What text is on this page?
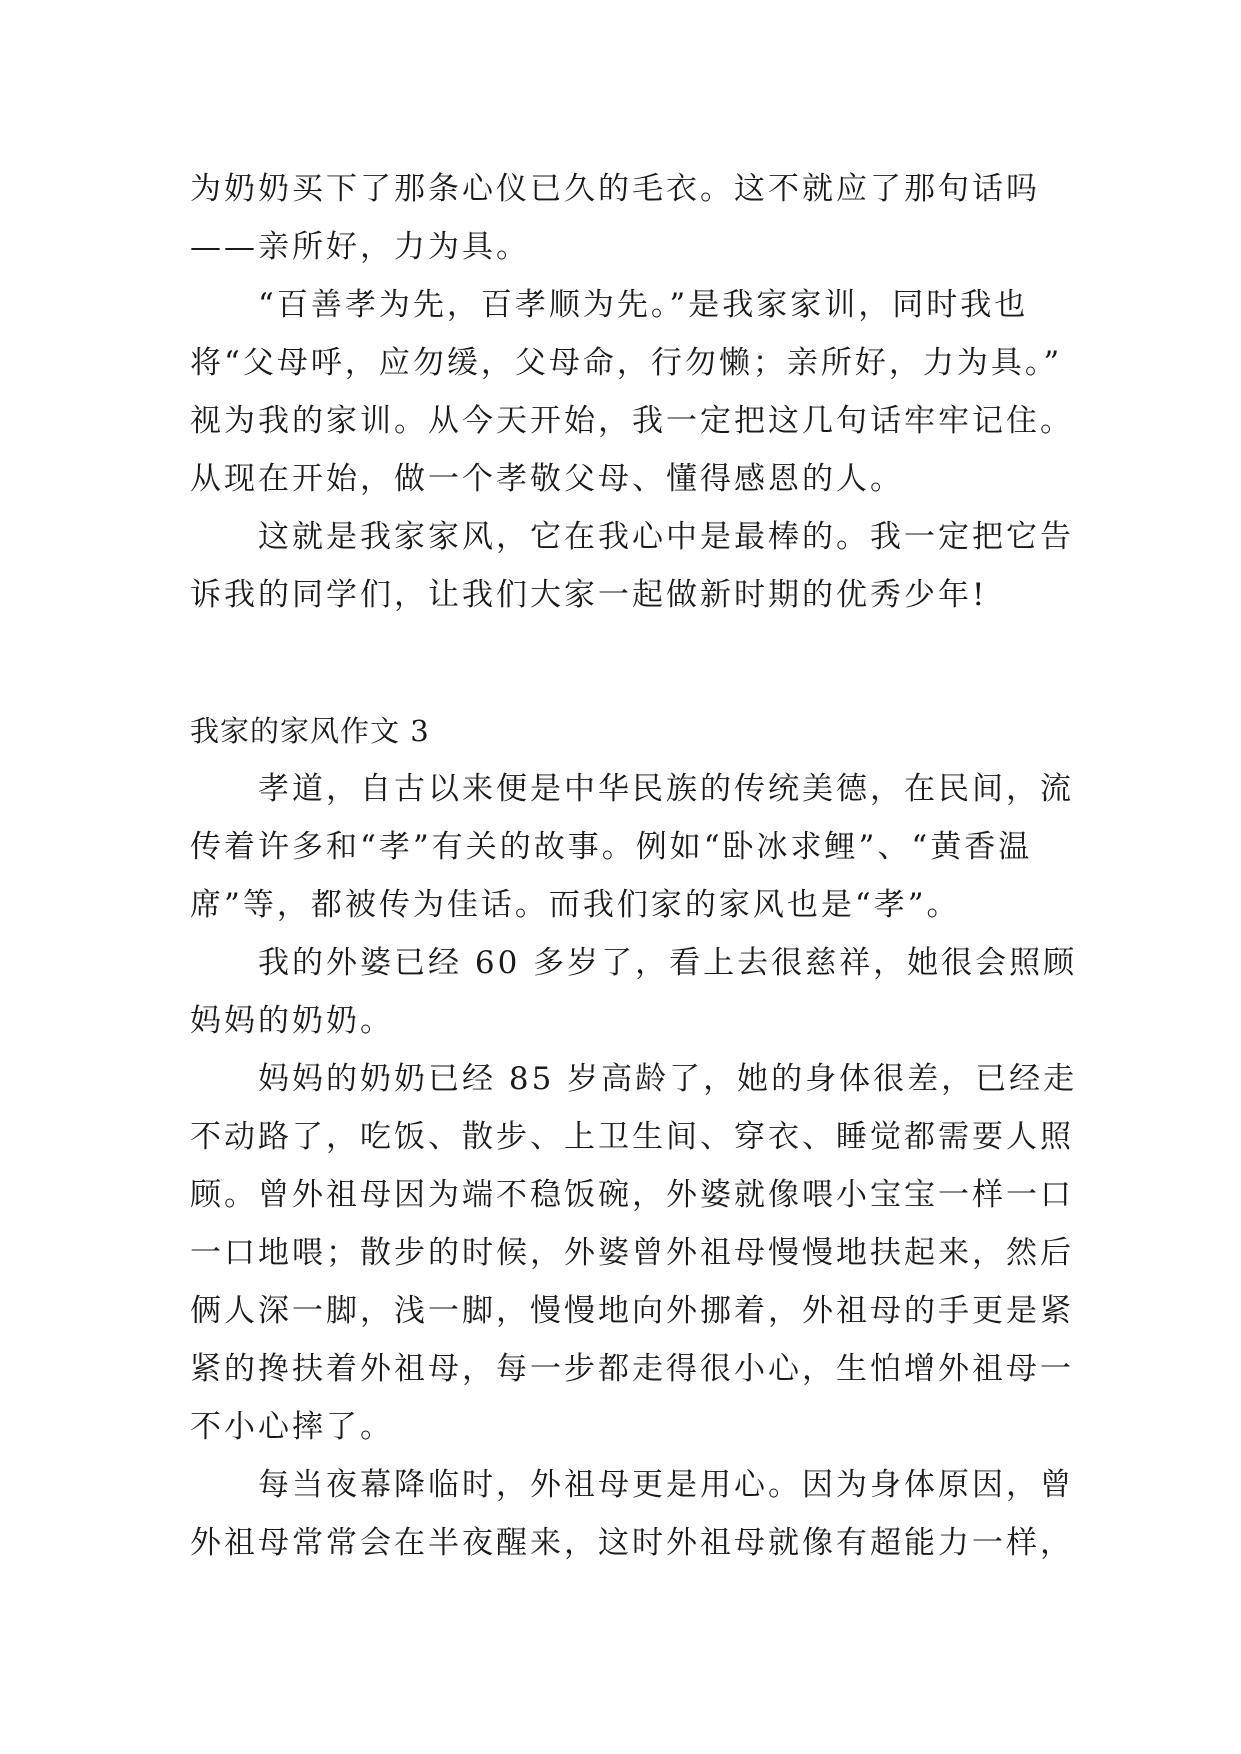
为奶奶买下了那条心仪已久的毛衣。这不就应了那句话吗
——亲所好，力为具。
　　“百善孝为先，百孝顺为先。”是我家家训，同时我也
将“父母呼，应勿缓，父母命，行勿懒；亲所好，力为具。”
视为我的家训。从今天开始，我一定把这几句话牢牢记住。
从现在开始，做一个孝敬父母、懂得感恩的人。
　　这就是我家家风，它在我心中是最棒的。我一定把它告
诉我的同学们，让我们大家一起做新时期的优秀少年!
我家的家风作文 3
　　孝道，自古以来便是中华民族的传统美德，在民间，流
传着许多和“孝”有关的故事。例如“卧冰求鲤”、“黄香温
席”等，都被传为佳话。而我们家的家风也是“孝”。
　　我的外婆已经 60 多岁了，看上去很慈祥，她很会照顾
妈妈的奶奶。
　　妈妈的奶奶已经 85 岁高龄了，她的身体很差，已经走
不动路了，吃饭、散步、上卫生间、穿衣、睡觉都需要人照
顾。曾外祖母因为端不稳饭碗，外婆就像喂小宝宝一样一口
一口地喂；散步的时候，外婆曾外祖母慢慢地扶起来，然后
俩人深一脚，浅一脚，慢慢地向外挪着，外祖母的手更是紧
紧的搀扶着外祖母，每一步都走得很小心，生怕增外祖母一
不小心摔了。
　　每当夜幕降临时，外祖母更是用心。因为身体原因，曾
外祖母常常会在半夜醒来，这时外祖母就像有超能力一样，
